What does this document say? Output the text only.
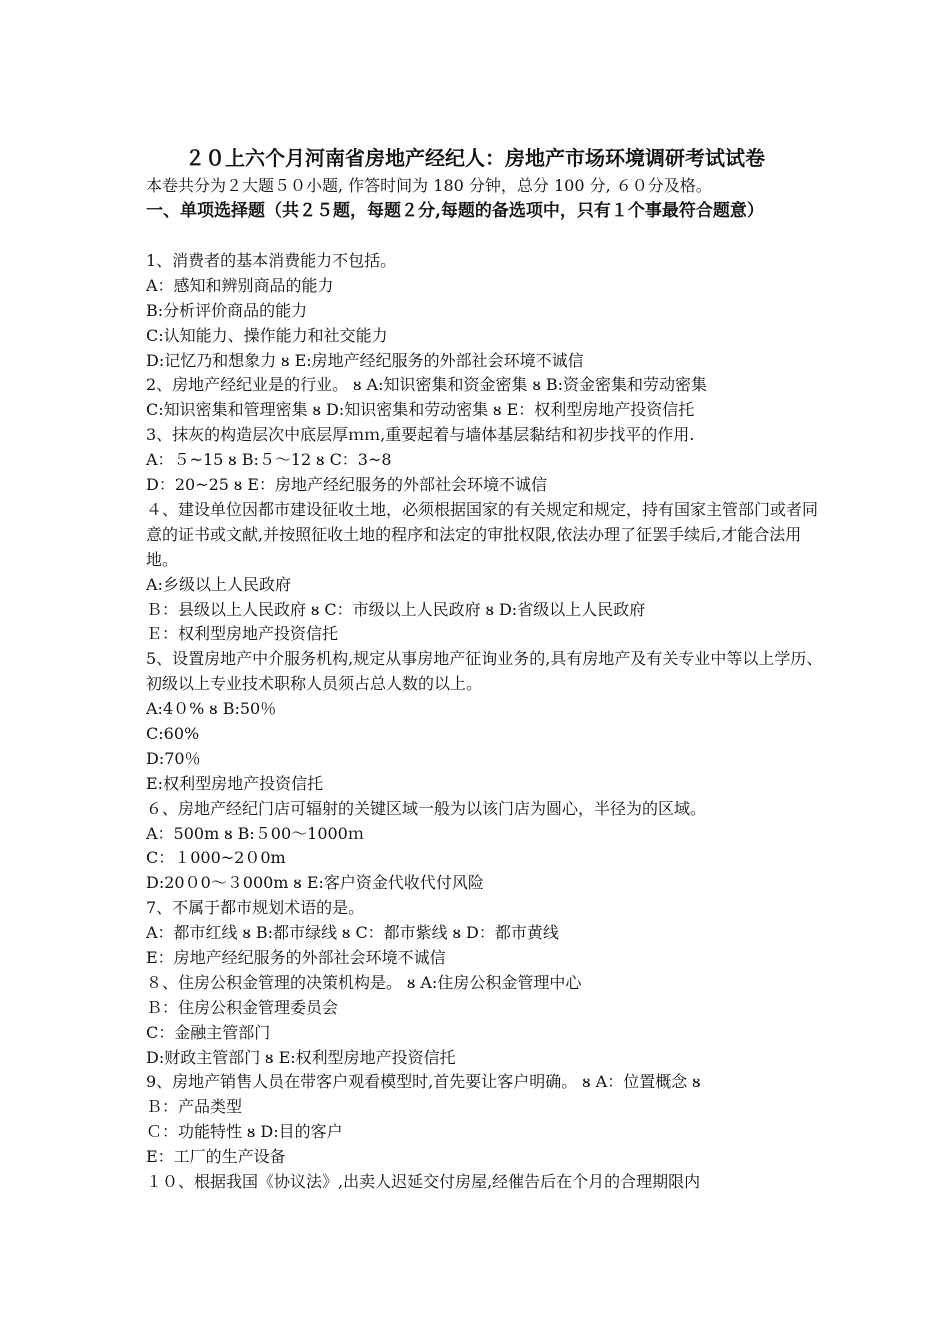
２０上六个月河南省房地产经纪人：房地产市场环境调研考试试卷
本卷共分为２大题５０小题, 作答时间为 180 分钟，总分 100 分, ６０分及格。
一、单项选择题（共２５题，每题２分,每题的备选项中，只有１个事最符合题意）
1、消费者的基本消费能力不包括。
A：感知和辨别商品的能力
B:分析评价商品的能力
C:认知能力、操作能力和社交能力
D:记忆乃和想象力 ᴕ E:房地产经纪服务的外部社会环境不诚信
2、房地产经纪业是的行业。 ᴕ A:知识密集和资金密集 ᴕ B:资金密集和劳动密集
C:知识密集和管理密集 ᴕ D:知识密集和劳动密集 ᴕ E：权利型房地产投资信托
3、抹灰的构造层次中底层厚ｍｍ,重要起着与墙体基层黏结和初步找平的作用.
A：５~15 ᴕ B:５～12 ᴕ C：3~8
D：20~25 ᴕ E：房地产经纪服务的外部社会环境不诚信
４、建设单位因都市建设征收土地，必须根据国家的有关规定和规定，持有国家主管部门或者同意的证书或文献,并按照征收土地的程序和法定的审批权限,依法办理了征罢手续后,才能合法用地。
A:乡级以上人民政府
Ｂ：县级以上人民政府 ᴕ C：市级以上人民政府 ᴕ D:省级以上人民政府
Ｅ：权利型房地产投资信托
5、设置房地产中介服务机构,规定从事房地产征询业务的,具有房地产及有关专业中等以上学历、初级以上专业技术职称人员须占总人数的以上。
A:4０% ᴕ B:50％
C:60%
D:70％
E:权利型房地产投资信托
６、房地产经纪门店可辐射的关键区域一般为以该门店为圆心，半径为的区域。
A：500m ᴕ B:５00～1000ｍ
C：１000~2０0m
D:20０0～３000m ᴕ E:客户资金代收代付风险
7、不属于都市规划术语的是。
A：都市红线 ᴕ B:都市绿线 ᴕ C：都市紫线 ᴕ D：都市黄线
E：房地产经纪服务的外部社会环境不诚信
８、住房公积金管理的决策机构是。 ᴕ A:住房公积金管理中心
Ｂ：住房公积金管理委员会
C：金融主管部门
D:财政主管部门 ᴕ E:权利型房地产投资信托
9、房地产销售人员在带客户观看模型时,首先要让客户明确。 ᴕ A：位置概念 ᴕ
Ｂ：产品类型
Ｃ：功能特性 ᴕ D:目的客户
E：工厂的生产设备
１０、根据我国《协议法》,出卖人迟延交付房屋,经催告后在个月的合理期限内
